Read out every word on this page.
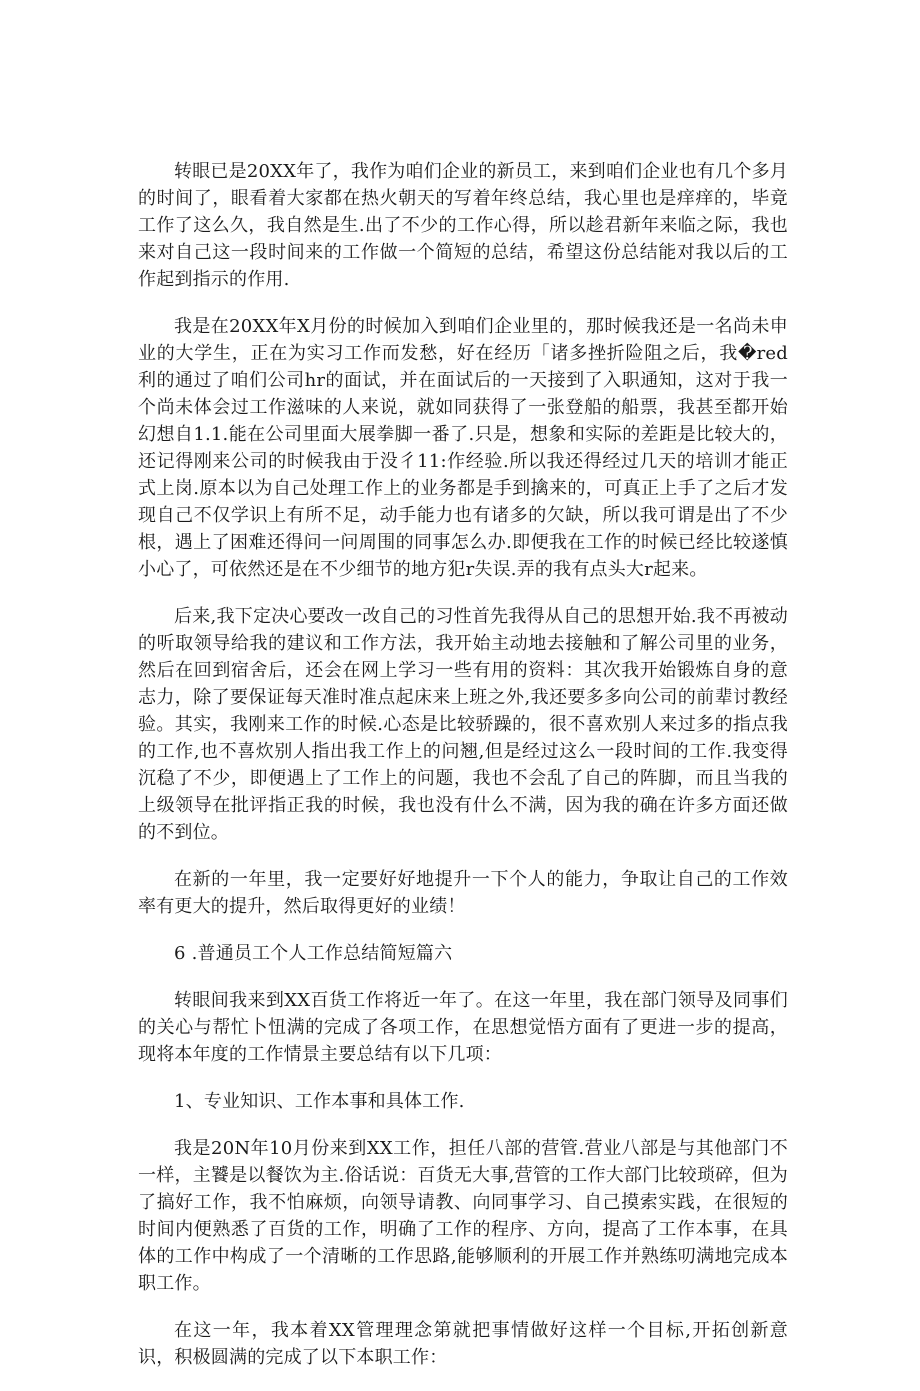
转眼已是20XX年了，我作为咱们企业的新员工，来到咱们企业也有几个多月的时间了，眼看着大家都在热火朝天的写着年终总结，我心里也是痒痒的，毕竟工作了这么久，我自然是生.出了不少的工作心得，所以趁君新年来临之际，我也来对自己这一段时间来的工作做一个简短的总结，希望这份总结能对我以后的工作起到指示的作用.

我是在20XX年X月份的时候加入到咱们企业里的，那时候我还是一名尚未申业的大学生，正在为实习工作而发愁，好在经历「诸多挫折险阻之后，我�red利的通过了咱们公司hr的面试，并在面试后的一天接到了入职通知，这对于我一个尚未体会过工作滋味的人来说，就如同获得了一张登船的船票，我甚至都开始幻想自1.1.能在公司里面大展拳脚一番了.只是，想象和实际的差距是比较大的，还记得刚来公司的时候我由于没彳11:作经验.所以我还得经过几天的培训才能正式上岗.原本以为自己处理工作上的业务都是手到擒来的，可真正上手了之后才发现自己不仅学识上有所不足，动手能力也有诸多的欠缺，所以我可谓是出了不少根，遇上了困难还得问一问周围的同事怎么办.即便我在工作的时候已经比较遂慎小心了，可依然还是在不少细节的地方犯r失误.弄的我有点头大r起来。

后来,我下定决心要改一改自己的习性首先我得从自己的思想开始.我不再被动的听取领导给我的建议和工作方法，我开始主动地去接触和了解公司里的业务，然后在回到宿舍后，还会在网上学习一些有用的资料：其次我开始锻炼自身的意志力，除了要保证每天准时准点起床来上班之外,我还要多多向公司的前辈讨教经验。其实，我刚来工作的时候.心态是比较骄躁的，很不喜欢别人来过多的指点我的工作,也不喜炊别人指出我工作上的问翘,但是经过这么一段时间的工作.我变得沉稳了不少，即便遇上了工作上的问题，我也不会乱了自己的阵脚，而且当我的上级领导在批评指正我的时候，我也没有什么不满，因为我的确在许多方面还做的不到位。

在新的一年里，我一定要好好地提升一下个人的能力，争取让自己的工作效率有更大的提升，然后取得更好的业绩！

6 .普通员工个人工作总结简短篇六

转眼间我来到XX百货工作将近一年了。在这一年里，我在部门领导及同事们的关心与帮忙卜忸满的完成了各项工作，在思想觉悟方面有了更进一步的提高，现将本年度的工作情景主要总结有以下几项：

1、专业知识、工作本事和具体工作.

我是20N年10月份来到XX工作，担任八部的营管.营业八部是与其他部门不一样，主饕是以餐饮为主.俗话说：百货无大事,营管的工作大部门比较琐碎，但为了搞好工作，我不怕麻烦，向领导请教、向同事学习、自己摸索实践，在很短的时间内便熟悉了百货的工作，明确了工作的程序、方向，提高了工作本事，在具体的工作中构成了一个清晰的工作思路,能够顺利的开展工作并熟练叨满地完成本职工作。

在这一年，我本着XX管理理念第就把事情做好这样一个目标,开拓创新意识，积极圆满的完成了以下本职工作：
